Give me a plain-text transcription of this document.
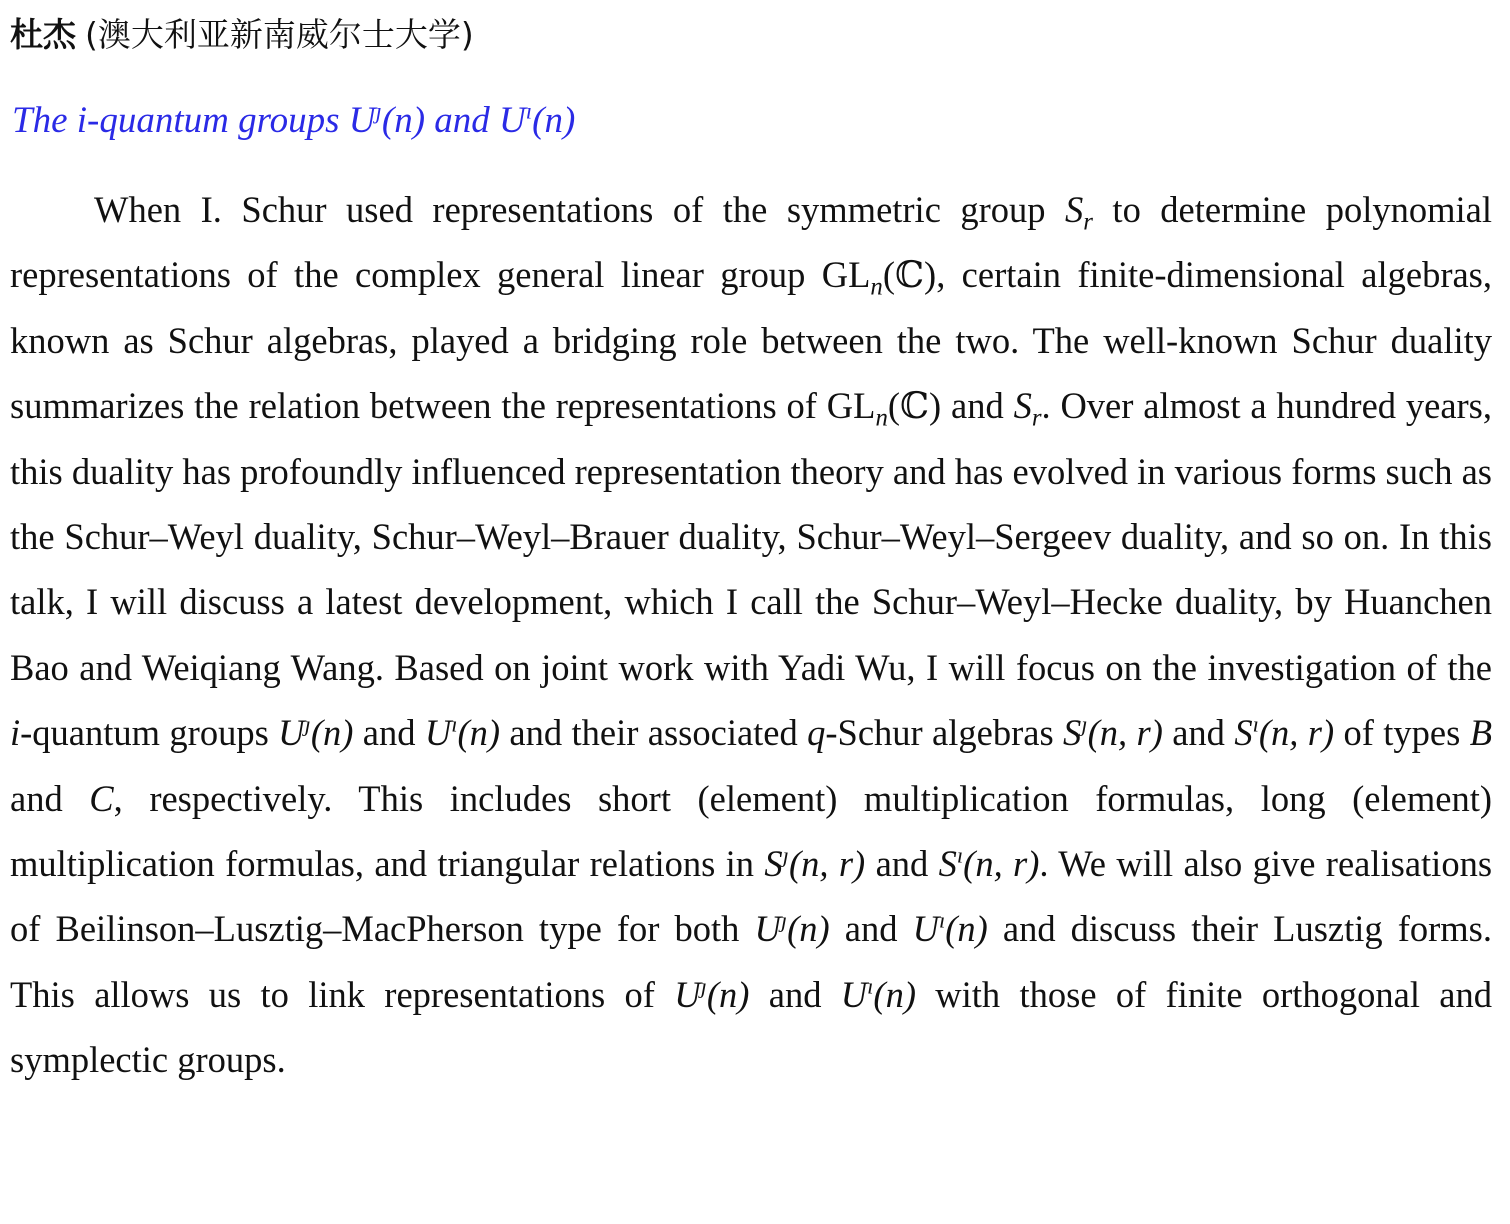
杜杰 (澳大利亚新南威尔士大学)
The i-quantum groups $U^ȷ(n)$ and $U^ı(n)$

When I. Schur used representations of the symmetric group $S_r$ to determine polynomial representations of the complex general linear group $GL_n(ℂ)$, certain finite-dimensional algebras, known as Schur algebras, played a bridging role between the two. The well-known Schur duality summarizes the relation between the representations of $GL_n(ℂ)$ and $S_r$. Over almost a hundred years, this duality has profoundly influenced representation theory and has evolved in various forms such as the Schur–Weyl duality, Schur–Weyl–Brauer duality, Schur–Weyl–Sergeev duality, and so on. In this talk, I will discuss a latest development, which I call the Schur–Weyl–Hecke duality, by Huanchen Bao and Weiqiang Wang. Based on joint work with Yadi Wu, I will focus on the investigation of the i-quantum groups $U^ȷ(n)$ and $U^ı(n)$ and their associated q-Schur algebras $S^ȷ(n$, r) and $S^ı(n$, r) of types B and C, respectively. This includes short (element) multiplication formulas, long (element) multiplication formulas, and triangular relations in $S^ȷ(n$, r) and $S^ı(n$, r). We will also give realisations of Beilinson–Lusztig–MacPherson type for both $U^ȷ(n)$ and $U^ı(n)$ and discuss their Lusztig forms. This allows us to link representations of $U^ȷ(n)$ and $U^ı(n)$ with those of finite orthogonal and symplectic groups.
